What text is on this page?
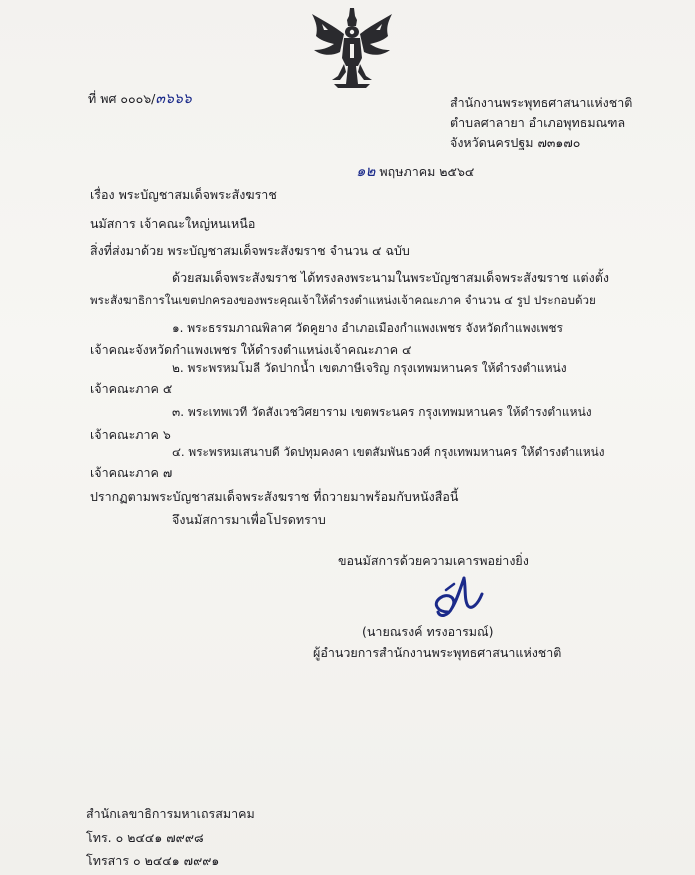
ที่ พศ ๐๐๐๖/๓๖๖๖	สำนักงานพระพุทธศาสนาแห่งชาติ
ตำบลศาลายา อำเภอพุทธมณฑล
จังหวัดนครปฐม ๗๓๑๗๐
๑๒ พฤษภาคม ๒๕๖๔
เรื่อง พระบัญชาสมเด็จพระสังฆราช
นมัสการ เจ้าคณะใหญ่หนเหนือ
สิ่งที่ส่งมาด้วย พระบัญชาสมเด็จพระสังฆราช จำนวน ๔ ฉบับ
ด้วยสมเด็จพระสังฆราช ได้ทรงลงพระนามในพระบัญชาสมเด็จพระสังฆราช แต่งตั้ง
พระสังฆาธิการในเขตปกครองของพระคุณเจ้าให้ดำรงตำแหน่งเจ้าคณะภาค จำนวน ๔ รูป ประกอบด้วย
๑. พระธรรมภาณพิลาศ วัดคูยาง อำเภอเมืองกำแพงเพชร จังหวัดกำแพงเพชร
เจ้าคณะจังหวัดกำแพงเพชร ให้ดำรงตำแหน่งเจ้าคณะภาค ๔
๒. พระพรหมโมลี วัดปากน้ำ เขตภาษีเจริญ กรุงเทพมหานคร ให้ดำรงตำแหน่ง
เจ้าคณะภาค ๕
๓. พระเทพเวที วัดสังเวชวิศยาราม เขตพระนคร กรุงเทพมหานคร ให้ดำรงตำแหน่ง
เจ้าคณะภาค ๖
๔. พระพรหมเสนาบดี วัดปทุมคงคา เขตสัมพันธวงศ์ กรุงเทพมหานคร ให้ดำรงตำแหน่ง
เจ้าคณะภาค ๗
ปรากฏตามพระบัญชาสมเด็จพระสังฆราช ที่ถวายมาพร้อมกับหนังสือนี้
จึงนมัสการมาเพื่อโปรดทราบ
ขอนมัสการด้วยความเคารพอย่างยิ่ง
(นายณรงค์ ทรงอารมณ์)
ผู้อำนวยการสำนักงานพระพุทธศาสนาแห่งชาติ
สำนักเลขาธิการมหาเถรสมาคม
โทร. ๐ ๒๔๔๑ ๗๙๙๘
โทรสาร ๐ ๒๔๔๑ ๗๙๙๑
